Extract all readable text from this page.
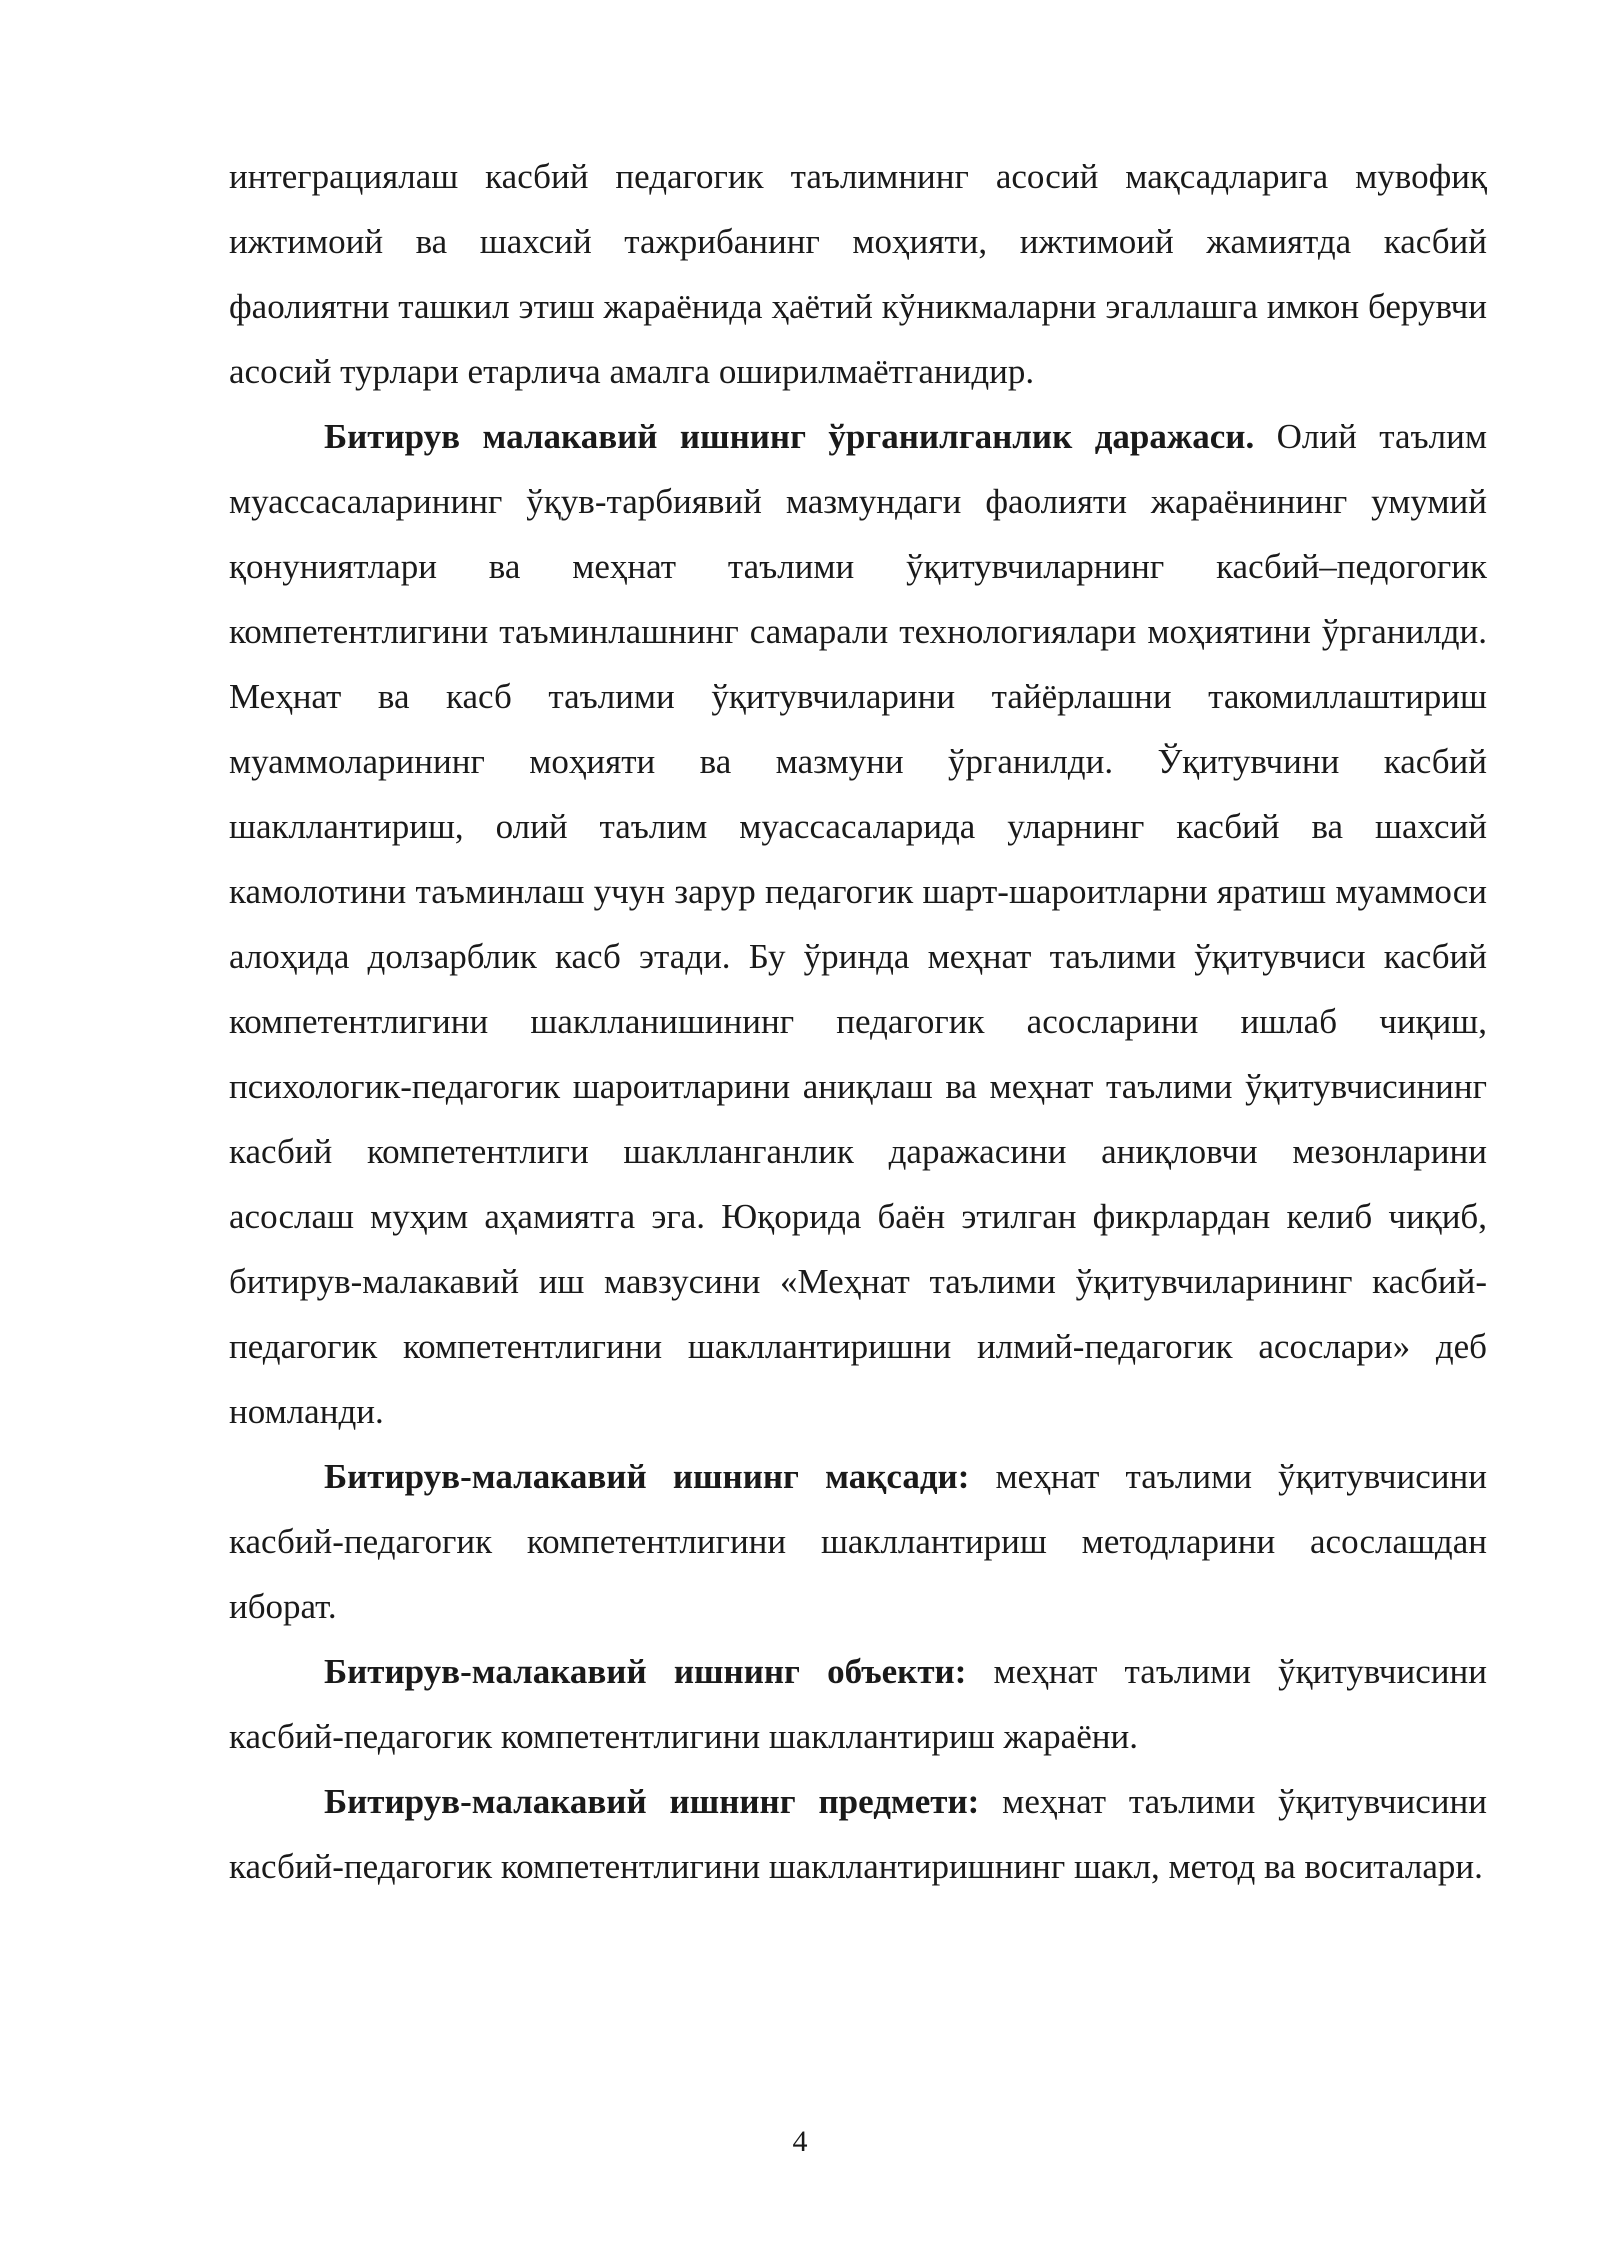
интеграциялаш касбий педагогик таълимнинг асосий мақсадларига мувофиқ ижтимоий ва шахсий тажрибанинг моҳияти, ижтимоий жамиятда касбий фаолиятни ташкил этиш жараёнида ҳаётий кўникмаларни эгаллашга имкон берувчи асосий турлари етарлича амалга оширилмаётганидир.

Битирув малакавий ишнинг ўрганилганлик даражаси. Олий таълим муассасаларининг ўқув-тарбиявий мазмундаги фаолияти жараёнининг умумий қонуниятлари ва меҳнат таълими ўқитувчиларнинг касбий–педогогик компетентлигини таъминлашнинг самарали технологиялари моҳиятини ўрганилди. Меҳнат ва касб таълими ўқитувчиларини тайёрлашни такомиллаштириш муаммоларининг моҳияти ва мазмуни ўрганилди. Ўқитувчини касбий шакллантириш, олий таълим муассасаларида уларнинг касбий ва шахсий камолотини таъминлаш учун зарур педагогик шарт-шароитларни яратиш муаммоси алоҳида долзарблик касб этади. Бу ўринда меҳнат таълими ўқитувчиси касбий компетентлигини шаклланишининг педагогик асосларини ишлаб чиқиш, психологик-педагогик шароитларини аниқлаш ва меҳнат таълими ўқитувчисининг касбий компетентлиги шаклланганлик даражасини аниқловчи мезонларини асослаш муҳим аҳамиятга эга. Юқорида баён этилган фикрлардан келиб чиқиб, битирув-малакавий иш мавзусини «Меҳнат таълими ўқитувчиларининг касбий-педагогик компетентлигини шакллантиришни илмий-педагогик асослари» деб номланди.

Битирув-малакавий ишнинг мақсади: меҳнат таълими ўқитувчисини касбий-педагогик компетентлигини шакллантириш методларини асослашдан иборат.

Битирув-малакавий ишнинг объекти: меҳнат таълими ўқитувчисини касбий-педагогик компетентлигини шакллантириш жараёни.

Битирув-малакавий ишнинг предмети: меҳнат таълими ўқитувчисини касбий-педагогик компетентлигини шакллантиришнинг шакл, метод ва воситалари.

4
